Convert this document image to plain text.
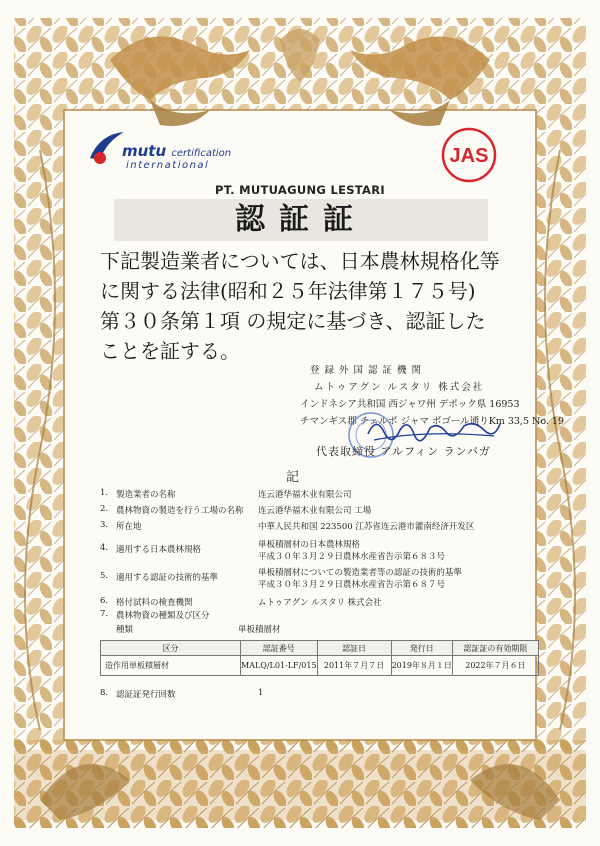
mutu certification
international	JAS
PT. MUTUAGUNG LESTARI
認証証
下記製造業者については、日本農林規格化等
に関する法律(昭和２５年法律第１７５号)
第３０条第１項 の規定に基づき、認証した
ことを証する。
登録外国認証機関
ムトゥアグン ルスタリ 株式会社
インドネシア共和国 西ジャワ州 デポック県 16953
チマンギス郡 チェルボ ジャマ ボゴール通りKm 33,5 No. 19
代表取締役 アルフィン ランバガ
記
1. 製造業者の名称	连云港华福木业有限公司
2. 農林物資の製造を行う工場の名称 连云港华福木业有限公司 工場
3. 所在地	中華人民共和国 223500 江苏省连云港市灌南经济开发区
4. 適用する日本農林規格	単板積層材の日本農林規格
平成３０年３月２９日農林水産省告示第６８３号
5. 適用する認証の技術的基準	単板積層材についての製造業者等の認証の技術的基準
平成３０年３月２９日農林水産省告示第６８７号
6. 格付試料の検査機関	ムトゥアグン ルスタリ 株式会社
7. 農林物資の種類及び区分
種類	単板積層材
区分	認証番号	認証日	発行日	認証証の有効期限
造作用単板積層材	MALQ/L01-LF/015	2011年７月７日	2019年８月１日	2022年７月６日
8. 認証証発行回数	1
